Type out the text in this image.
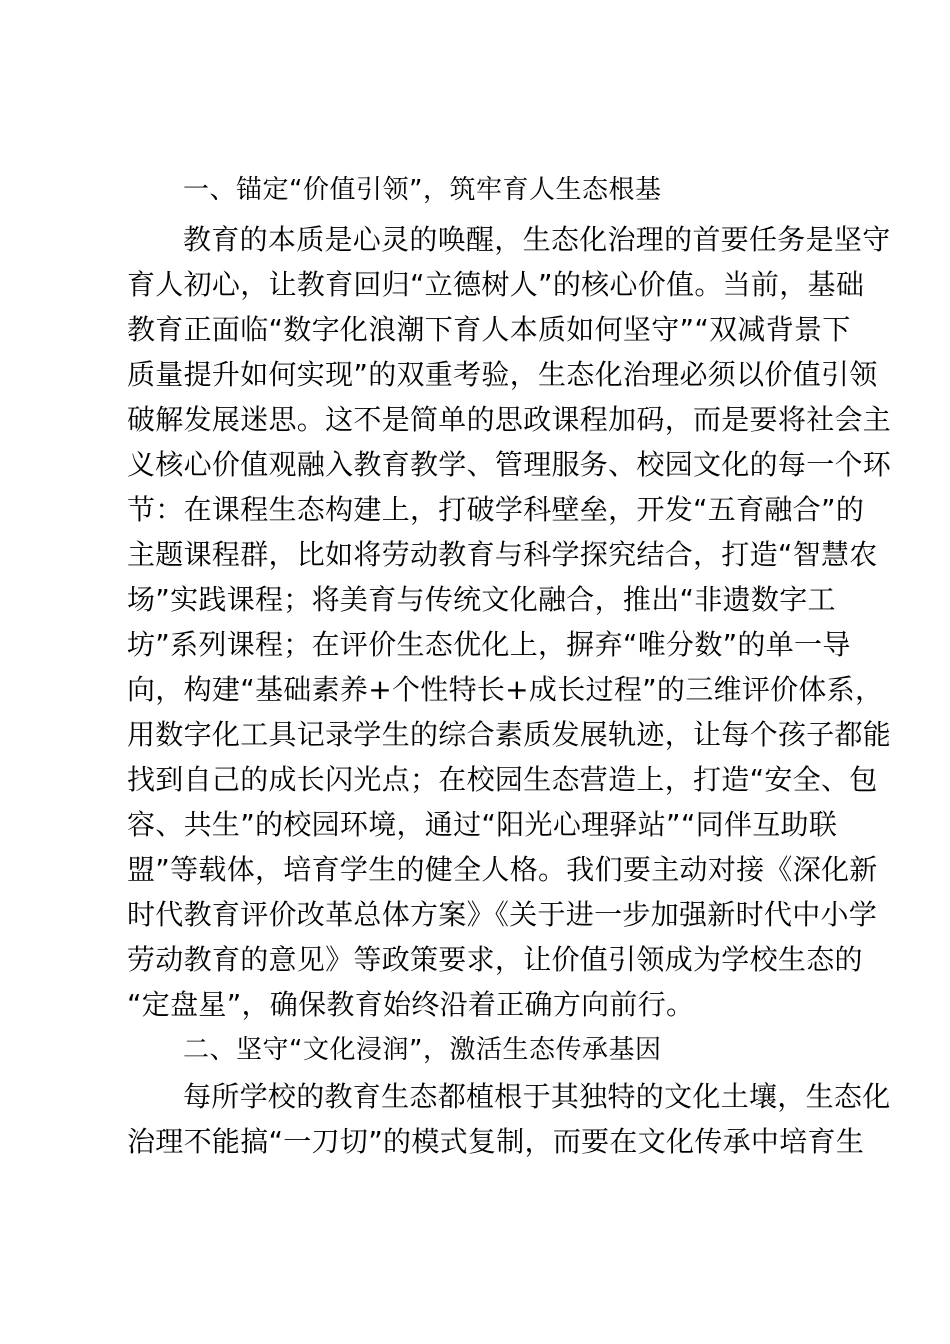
一、锚定“价值引领”，筑牢育人生态根基
教育的本质是心灵的唤醒，生态化治理的首要任务是坚守
育人初心，让教育回归“立德树人”的核心价值。当前，基础
教育正面临“数字化浪潮下育人本质如何坚守”“双减背景下
质量提升如何实现”的双重考验，生态化治理必须以价值引领
破解发展迷思。这不是简单的思政课程加码，而是要将社会主
义核心价值观融入教育教学、管理服务、校园文化的每一个环
节：在课程生态构建上，打破学科壁垒，开发“五育融合”的
主题课程群，比如将劳动教育与科学探究结合，打造“智慧农
场”实践课程；将美育与传统文化融合，推出“非遗数字工
坊”系列课程；在评价生态优化上，摒弃“唯分数”的单一导
向，构建“基础素养+个性特长+成长过程”的三维评价体系，
用数字化工具记录学生的综合素质发展轨迹，让每个孩子都能
找到自己的成长闪光点；在校园生态营造上，打造“安全、包
容、共生”的校园环境，通过“阳光心理驿站”“同伴互助联
盟”等载体，培育学生的健全人格。我们要主动对接《深化新
时代教育评价改革总体方案》《关于进一步加强新时代中小学
劳动教育的意见》等政策要求，让价值引领成为学校生态的
“定盘星”，确保教育始终沿着正确方向前行。
二、坚守“文化浸润”，激活生态传承基因
每所学校的教育生态都植根于其独特的文化土壤，生态化
治理不能搞“一刀切”的模式复制，而要在文化传承中培育生
